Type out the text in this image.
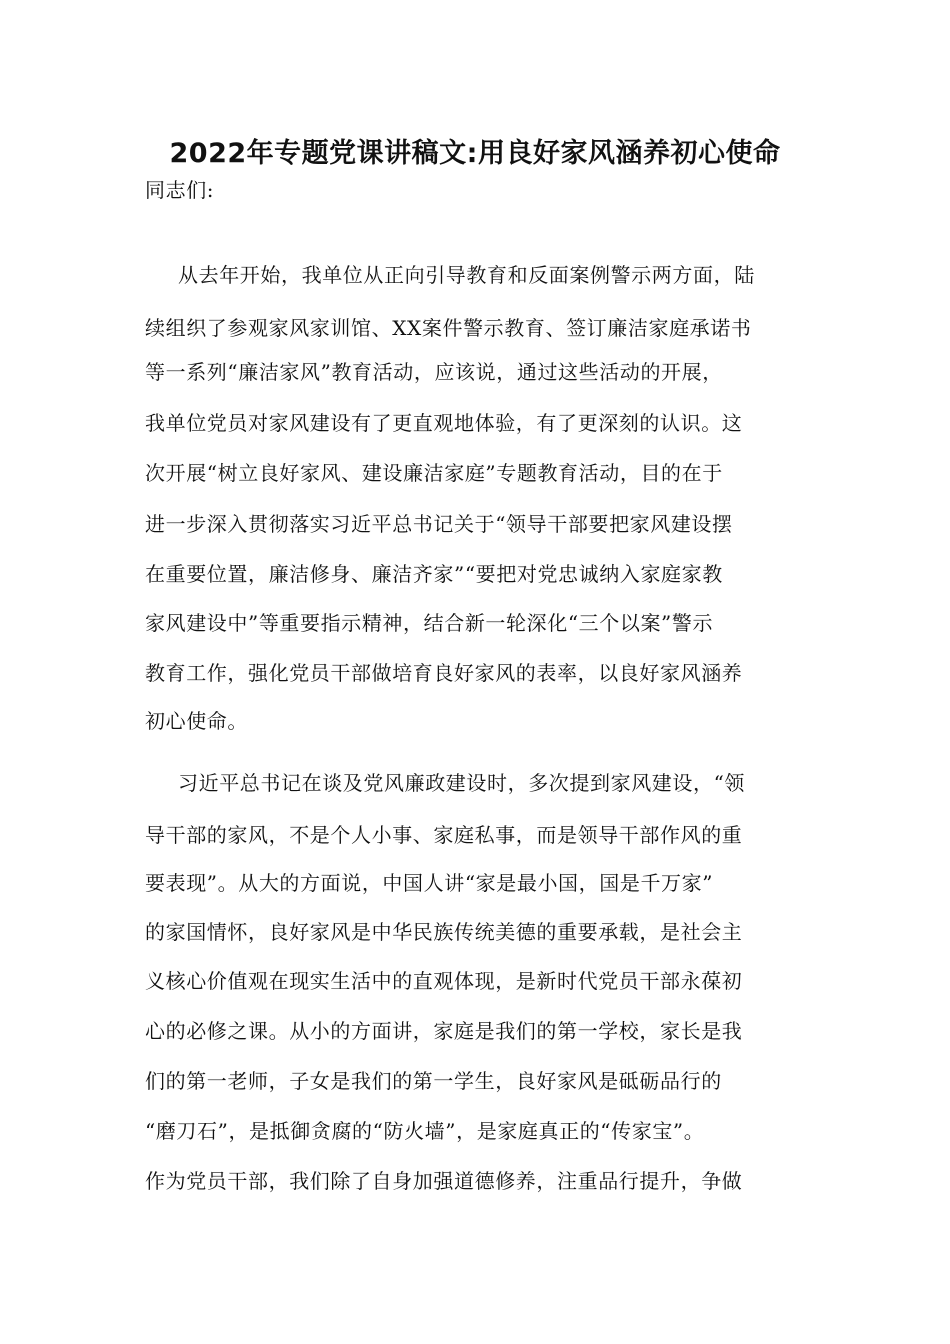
2022年专题党课讲稿文:用良好家风涵养初心使命
同志们:
从去年开始，我单位从正向引导教育和反面案例警示两方面，陆
续组织了参观家风家训馆、XX案件警示教育、签订廉洁家庭承诺书
等一系列“廉洁家风”教育活动，应该说，通过这些活动的开展，
我单位党员对家风建设有了更直观地体验，有了更深刻的认识。这
次开展“树立良好家风、建设廉洁家庭”专题教育活动，目的在于
进一步深入贯彻落实习近平总书记关于“领导干部要把家风建设摆
在重要位置，廉洁修身、廉洁齐家”“要把对党忠诚纳入家庭家教
家风建设中”等重要指示精神，结合新一轮深化“三个以案”警示
教育工作，强化党员干部做培育良好家风的表率，以良好家风涵养
初心使命。
习近平总书记在谈及党风廉政建设时，多次提到家风建设，“领
导干部的家风，不是个人小事、家庭私事，而是领导干部作风的重
要表现”。从大的方面说，中国人讲“家是最小国，国是千万家”
的家国情怀，良好家风是中华民族传统美德的重要承载，是社会主
义核心价值观在现实生活中的直观体现，是新时代党员干部永葆初
心的必修之课。从小的方面讲，家庭是我们的第一学校，家长是我
们的第一老师，子女是我们的第一学生，良好家风是砥砺品行的
“磨刀石”，是抵御贪腐的“防火墙”，是家庭真正的“传家宝”。
作为党员干部，我们除了自身加强道德修养，注重品行提升，争做
